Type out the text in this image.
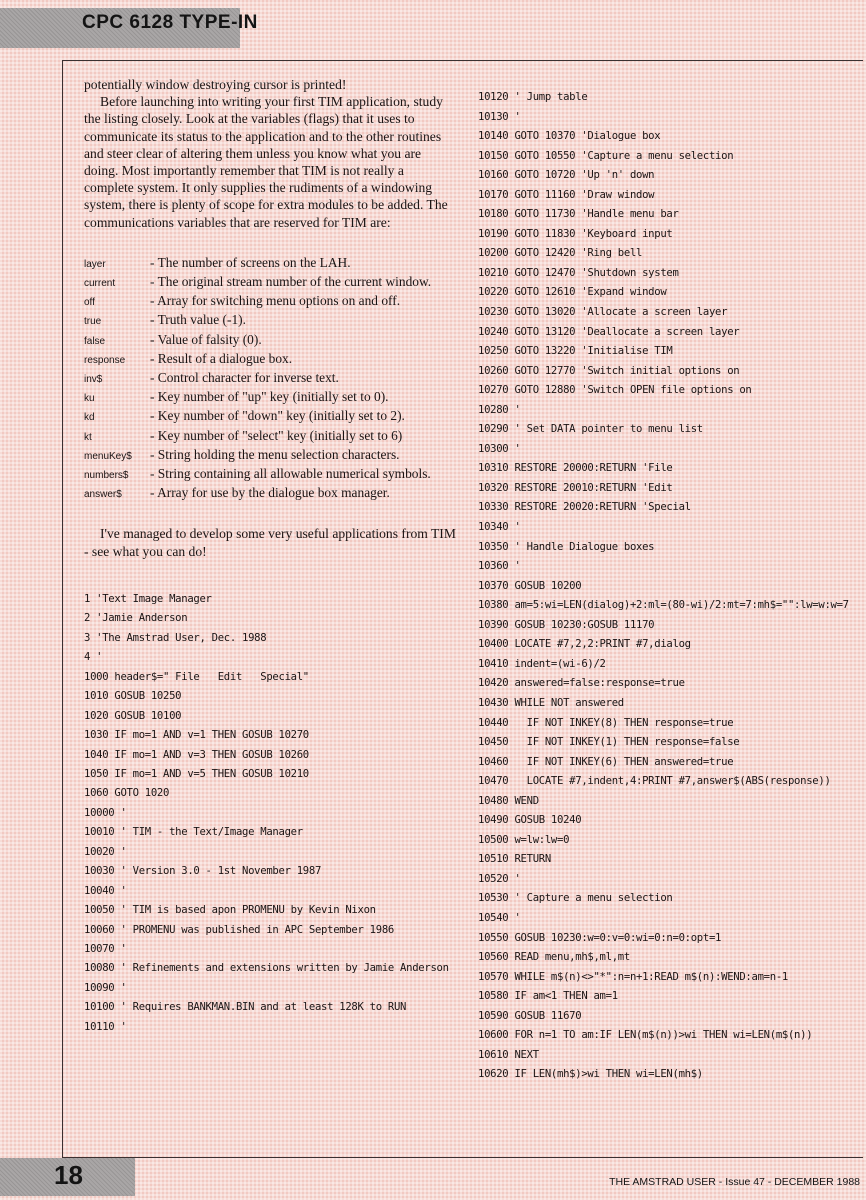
CPC 6128 TYPE-IN

potentially window destroying cursor is printed!

Before launching into writing your first TIM application, study the listing closely. Look at the variables (flags) that it uses to communicate its status to the application and to the other routines and steer clear of altering them unless you know what you are doing. Most importantly remember that TIM is not really a complete system. It only supplies the rudiments of a windowing system, there is plenty of scope for extra modules to be added. The communications variables that are reserved for TIM are:

layer	- The number of screens on the LAH.
current	- The original stream number of the current window.
off	- Array for switching menu options on and off.
true	- Truth value (-1).
false	- Value of falsity (0).
response	- Result of a dialogue box.
inv$	- Control character for inverse text.
ku	- Key number of "up" key (initially set to 0).
kd	- Key number of "down" key (initially set to 2).
kt	- Key number of "select" key (initially set to 6)
menuKey$	- String holding the menu selection characters.
numbers$	- String containing all allowable numerical symbols.
answer$	- Array for use by the dialogue box manager.

I've managed to develop some very useful applications from TIM - see what you can do!

1 'Text Image Manager
2 'Jamie Anderson
3 'The Amstrad User, Dec. 1988
4 '
1000 header$=" File   Edit   Special"
1010 GOSUB 10250
1020 GOSUB 10100
1030 IF mo=1 AND v=1 THEN GOSUB 10270
1040 IF mo=1 AND v=3 THEN GOSUB 10260
1050 IF mo=1 AND v=5 THEN GOSUB 10210
1060 GOTO 1020
10000 '
10010 ' TIM - the Text/Image Manager
10020 '
10030 ' Version 3.0 - 1st November 1987
10040 '
10050 ' TIM is based apon PROMENU by Kevin Nixon
10060 ' PROMENU was published in APC September 1986
10070 '
10080 ' Refinements and extensions written by Jamie Anderson
10090 '
10100 ' Requires BANKMAN.BIN and at least 128K to RUN
10110 '
10120 ' Jump table
10130 '
10140 GOTO 10370 'Dialogue box
10150 GOTO 10550 'Capture a menu selection
10160 GOTO 10720 'Up 'n' down
10170 GOTO 11160 'Draw window
10180 GOTO 11730 'Handle menu bar
10190 GOTO 11830 'Keyboard input
10200 GOTO 12420 'Ring bell
10210 GOTO 12470 'Shutdown system
10220 GOTO 12610 'Expand window
10230 GOTO 13020 'Allocate a screen layer
10240 GOTO 13120 'Deallocate a screen layer
10250 GOTO 13220 'Initialise TIM
10260 GOTO 12770 'Switch initial options on
10270 GOTO 12880 'Switch OPEN file options on
10280 '
10290 ' Set DATA pointer to menu list
10300 '
10310 RESTORE 20000:RETURN 'File
10320 RESTORE 20010:RETURN 'Edit
10330 RESTORE 20020:RETURN 'Special
10340 '
10350 ' Handle Dialogue boxes
10360 '
10370 GOSUB 10200
10380 am=5:wi=LEN(dialog)+2:ml=(80-wi)/2:mt=7:mh$="":lw=w:w=7
10390 GOSUB 10230:GOSUB 11170
10400 LOCATE #7,2,2:PRINT #7,dialog
10410 indent=(wi-6)/2
10420 answered=false:response=true
10430 WHILE NOT answered
10440   IF NOT INKEY(8) THEN response=true
10450   IF NOT INKEY(1) THEN response=false
10460   IF NOT INKEY(6) THEN answered=true
10470   LOCATE #7,indent,4:PRINT #7,answer$(ABS(response))
10480 WEND
10490 GOSUB 10240
10500 w=lw:lw=0
10510 RETURN
10520 '
10530 ' Capture a menu selection
10540 '
10550 GOSUB 10230:w=0:v=0:wi=0:n=0:opt=1
10560 READ menu,mh$,ml,mt
10570 WHILE m$(n)<>"*":n=n+1:READ m$(n):WEND:am=n-1
10580 IF am<1 THEN am=1
10590 GOSUB 11670
10600 FOR n=1 TO am:IF LEN(m$(n))>wi THEN wi=LEN(m$(n))
10610 NEXT
10620 IF LEN(mh$)>wi THEN wi=LEN(mh$)
18	THE AMSTRAD USER - Issue 47 - DECEMBER 1988
